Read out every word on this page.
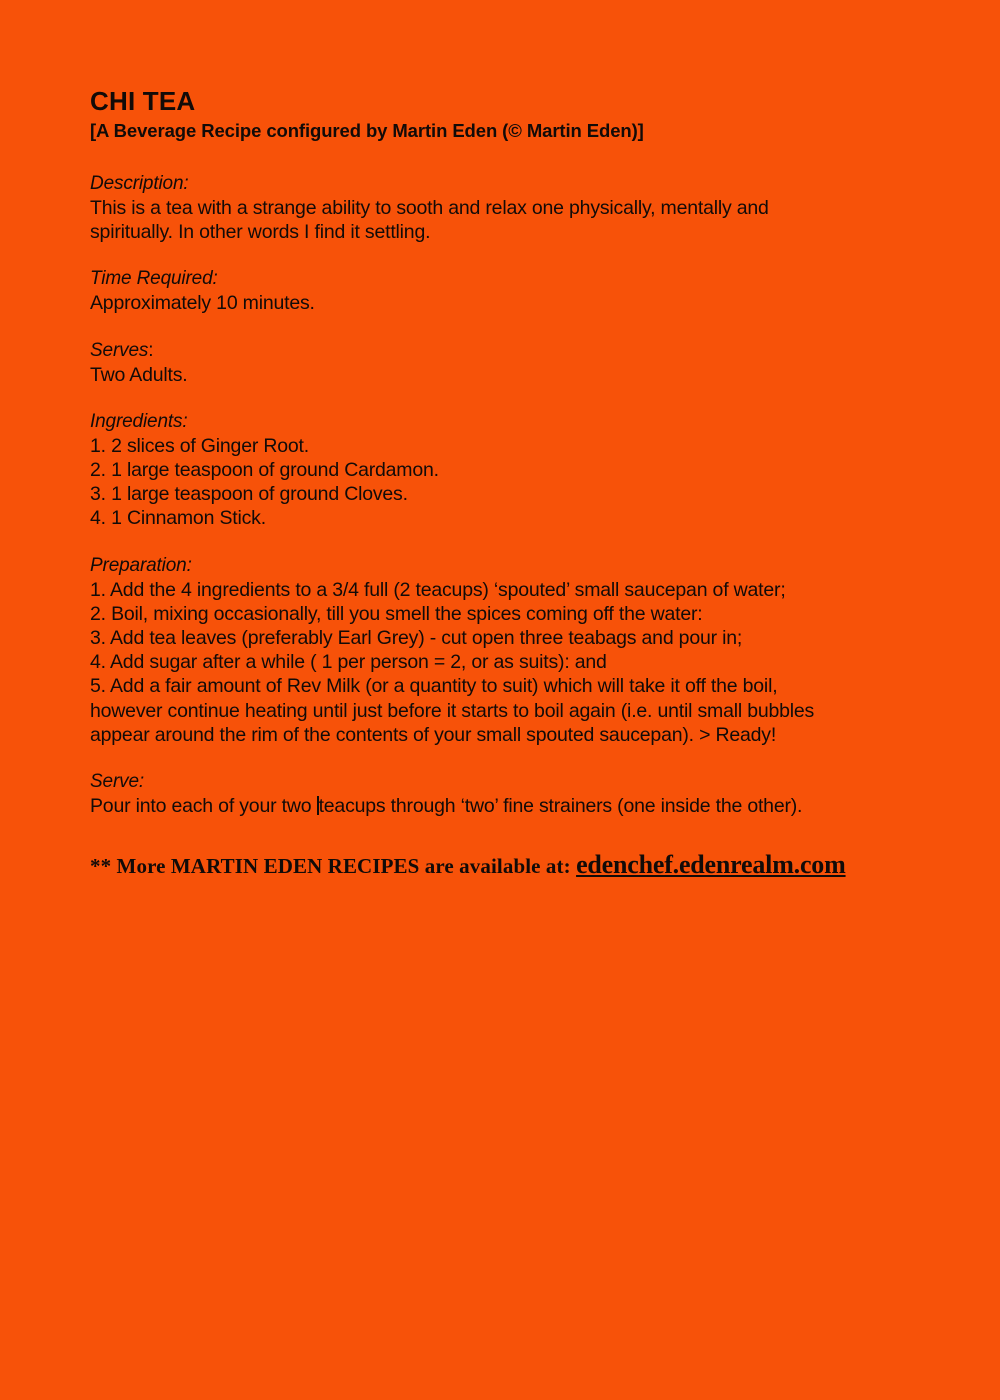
CHI TEA
[A Beverage Recipe configured by Martin Eden (© Martin Eden)]

Description:

This is a tea with a strange ability to sooth and relax one physically, mentally and

spiritually. In other words I find it settling.

Time Required:

Approximately 10 minutes.

Serves:

Two Adults.

Ingredients:

1. 2 slices of Ginger Root.
2. 1 large teaspoon of ground Cardamon.
3. 1 large teaspoon of ground Cloves.
4. 1 Cinnamon Stick.

Preparation:

1. Add the 4 ingredients to a 3/4 full (2 teacups) ‘spouted’ small saucepan of water;
2. Boil, mixing occasionally, till you smell the spices coming off the water:
3. Add tea leaves (preferably Earl Grey) - cut open three teabags and pour in;
4. Add sugar after a while ( 1 per person = 2, or as suits): and
5. Add a fair amount of Rev Milk (or a quantity to suit) which will take it off the boil,
however continue heating until just before it starts to boil again (i.e. until small bubbles
appear around the rim of the contents of your small spouted saucepan). > Ready!

Serve:

Pour into each of your two teacups through ‘two’ fine strainers (one inside the other).

** More MARTIN EDEN RECIPES are available at: edenchef.edenrealm.com
